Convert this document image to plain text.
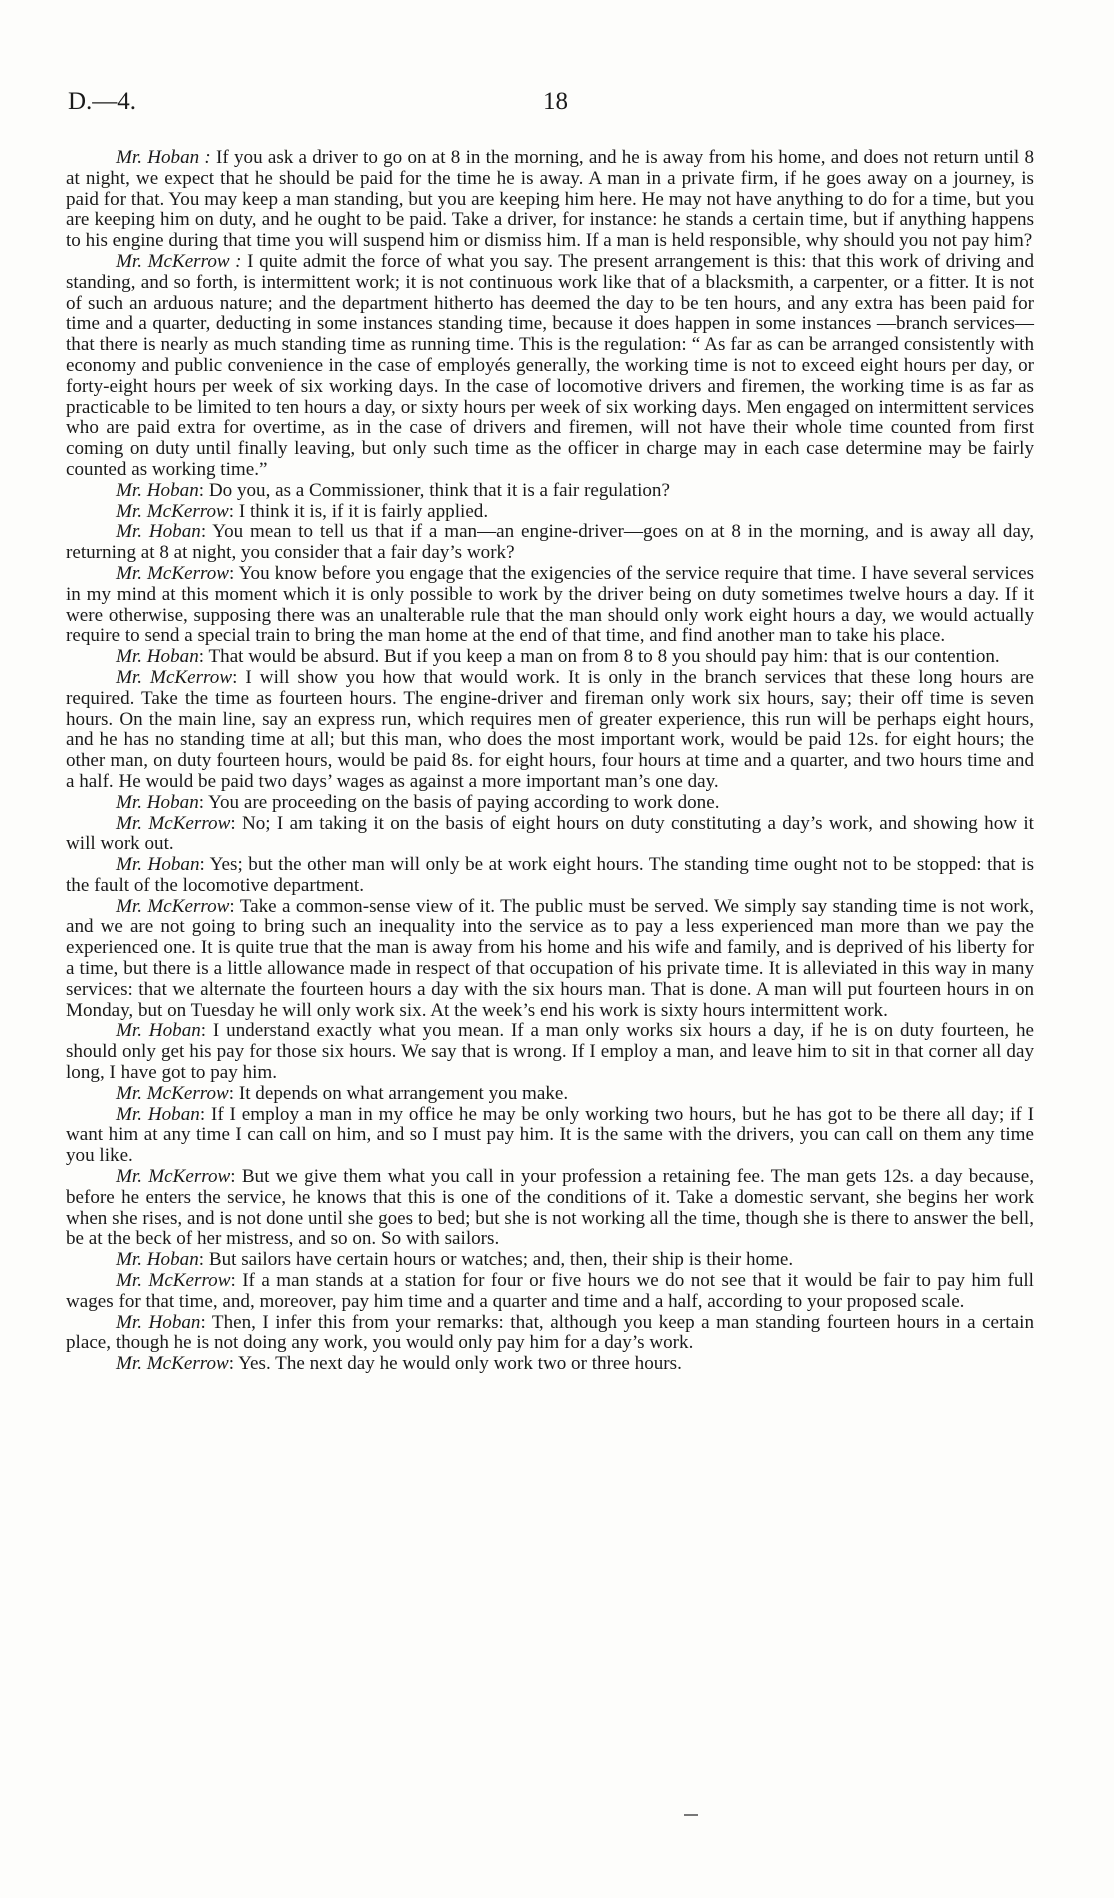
D.—4.	18

Mr. Hoban : If you ask a driver to go on at 8 in the morning, and he is away from his home, and does not return until 8 at night, we expect that he should be paid for the time he is away. A man in a private firm, if he goes away on a journey, is paid for that. You may keep a man standing, but you are keeping him here. He may not have anything to do for a time, but you are keeping him on duty, and he ought to be paid. Take a driver, for instance: he stands a certain time, but if anything happens to his engine during that time you will suspend him or dismiss him. If a man is held responsible, why should you not pay him?

Mr. McKerrow : I quite admit the force of what you say. The present arrangement is this: that this work of driving and standing, and so forth, is intermittent work; it is not continuous work like that of a blacksmith, a carpenter, or a fitter. It is not of such an arduous nature; and the department hitherto has deemed the day to be ten hours, and any extra has been paid for time and a quarter, deducting in some instances standing time, because it does happen in some instances —branch services—that there is nearly as much standing time as running time. This is the regulation: “ As far as can be arranged consistently with economy and public convenience in the case of employés generally, the working time is not to exceed eight hours per day, or forty-eight hours per week of six working days. In the case of locomotive drivers and firemen, the working time is as far as practicable to be limited to ten hours a day, or sixty hours per week of six working days. Men engaged on intermittent services who are paid extra for overtime, as in the case of drivers and firemen, will not have their whole time counted from first coming on duty until finally leaving, but only such time as the officer in charge may in each case determine may be fairly counted as working time.”

Mr. Hoban: Do you, as a Commissioner, think that it is a fair regulation?

Mr. McKerrow: I think it is, if it is fairly applied.

Mr. Hoban: You mean to tell us that if a man—an engine-driver—goes on at 8 in the morning, and is away all day, returning at 8 at night, you consider that a fair day’s work?

Mr. McKerrow: You know before you engage that the exigencies of the service require that time. I have several services in my mind at this moment which it is only possible to work by the driver being on duty sometimes twelve hours a day. If it were otherwise, supposing there was an unalterable rule that the man should only work eight hours a day, we would actually require to send a special train to bring the man home at the end of that time, and find another man to take his place.

Mr. Hoban: That would be absurd. But if you keep a man on from 8 to 8 you should pay him: that is our contention.

Mr. McKerrow: I will show you how that would work. It is only in the branch services that these long hours are required. Take the time as fourteen hours. The engine-driver and fireman only work six hours, say; their off time is seven hours. On the main line, say an express run, which requires men of greater experience, this run will be perhaps eight hours, and he has no standing time at all; but this man, who does the most important work, would be paid 12s. for eight hours; the other man, on duty fourteen hours, would be paid 8s. for eight hours, four hours at time and a quarter, and two hours time and a half. He would be paid two days’ wages as against a more important man’s one day.

Mr. Hoban: You are proceeding on the basis of paying according to work done.

Mr. McKerrow: No; I am taking it on the basis of eight hours on duty constituting a day’s work, and showing how it will work out.

Mr. Hoban: Yes; but the other man will only be at work eight hours. The standing time ought not to be stopped: that is the fault of the locomotive department.

Mr. McKerrow: Take a common-sense view of it. The public must be served. We simply say standing time is not work, and we are not going to bring such an inequality into the service as to pay a less experienced man more than we pay the experienced one. It is quite true that the man is away from his home and his wife and family, and is deprived of his liberty for a time, but there is a little allowance made in respect of that occupation of his private time. It is alleviated in this way in many services: that we alternate the fourteen hours a day with the six hours man. That is done. A man will put fourteen hours in on Monday, but on Tuesday he will only work six. At the week’s end his work is sixty hours intermittent work.

Mr. Hoban: I understand exactly what you mean. If a man only works six hours a day, if he is on duty fourteen, he should only get his pay for those six hours. We say that is wrong. If I employ a man, and leave him to sit in that corner all day long, I have got to pay him.

Mr. McKerrow: It depends on what arrangement you make.

Mr. Hoban: If I employ a man in my office he may be only working two hours, but he has got to be there all day; if I want him at any time I can call on him, and so I must pay him. It is the same with the drivers, you can call on them any time you like.

Mr. McKerrow: But we give them what you call in your profession a retaining fee. The man gets 12s. a day because, before he enters the service, he knows that this is one of the conditions of it. Take a domestic servant, she begins her work when she rises, and is not done until she goes to bed; but she is not working all the time, though she is there to answer the bell, be at the beck of her mistress, and so on. So with sailors.

Mr. Hoban: But sailors have certain hours or watches; and, then, their ship is their home.

Mr. McKerrow: If a man stands at a station for four or five hours we do not see that it would be fair to pay him full wages for that time, and, moreover, pay him time and a quarter and time and a half, according to your proposed scale.

Mr. Hoban: Then, I infer this from your remarks: that, although you keep a man standing fourteen hours in a certain place, though he is not doing any work, you would only pay him for a day’s work.

Mr. McKerrow: Yes. The next day he would only work two or three hours.
